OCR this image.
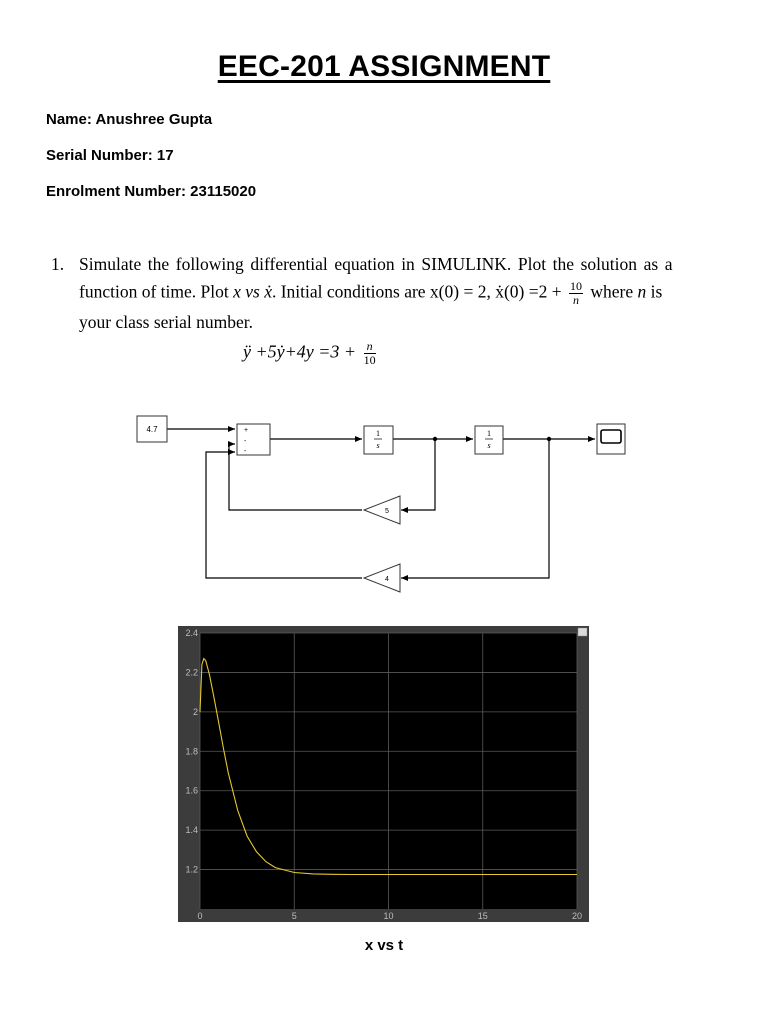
EEC-201 ASSIGNMENT
Name: Anushree Gupta
Serial Number: 17
Enrolment Number: 23115020
1. Simulate the following differential equation in SIMULINK. Plot the solution as a
function of time. Plot x vs ẋ. Initial conditions are x(0) = 2, ẋ(0) $=2 + \frac{10}{n}$ where n is
your class serial number.
ÿ +5ẏ+4y $=3 + \frac{n}{10}$
4.7	+
-
-
1
s
1
s
5
4
2.4
2.2
2
1.8
1.6
1.4
1.2
0	5	10	15	20
x vs t
